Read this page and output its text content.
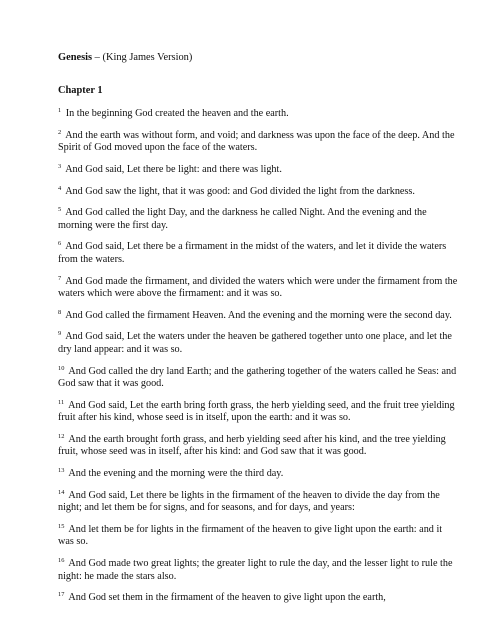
Genesis – (King James Version)

Chapter 1

$^1$ In the beginning God created the heaven and the earth.

$^2$ And the earth was without form, and void; and darkness was upon the face of the deep. And the Spirit of God moved upon the face of the waters.

$^3$ And God said, Let there be light: and there was light.

$^4$ And God saw the light, that it was good: and God divided the light from the darkness.

$^5$ And God called the light Day, and the darkness he called Night. And the evening and the morning were the first day.

$^6$ And God said, Let there be a firmament in the midst of the waters, and let it divide the waters from the waters.

$^7$ And God made the firmament, and divided the waters which were under the firmament from the waters which were above the firmament: and it was so.

$^8$ And God called the firmament Heaven. And the evening and the morning were the second day.

$^9$ And God said, Let the waters under the heaven be gathered together unto one place, and let the dry land appear: and it was so.

$^{10}$ And God called the dry land Earth; and the gathering together of the waters called he Seas: and God saw that it was good.

$^{11}$ And God said, Let the earth bring forth grass, the herb yielding seed, and the fruit tree yielding fruit after his kind, whose seed is in itself, upon the earth: and it was so.

$^{12}$ And the earth brought forth grass, and herb yielding seed after his kind, and the tree yielding fruit, whose seed was in itself, after his kind: and God saw that it was good.

$^{13}$ And the evening and the morning were the third day.

$^{14}$ And God said, Let there be lights in the firmament of the heaven to divide the day from the night; and let them be for signs, and for seasons, and for days, and years:

$^{15}$ And let them be for lights in the firmament of the heaven to give light upon the earth: and it was so.

$^{16}$ And God made two great lights; the greater light to rule the day, and the lesser light to rule the night: he made the stars also.

$^{17}$ And God set them in the firmament of the heaven to give light upon the earth,
